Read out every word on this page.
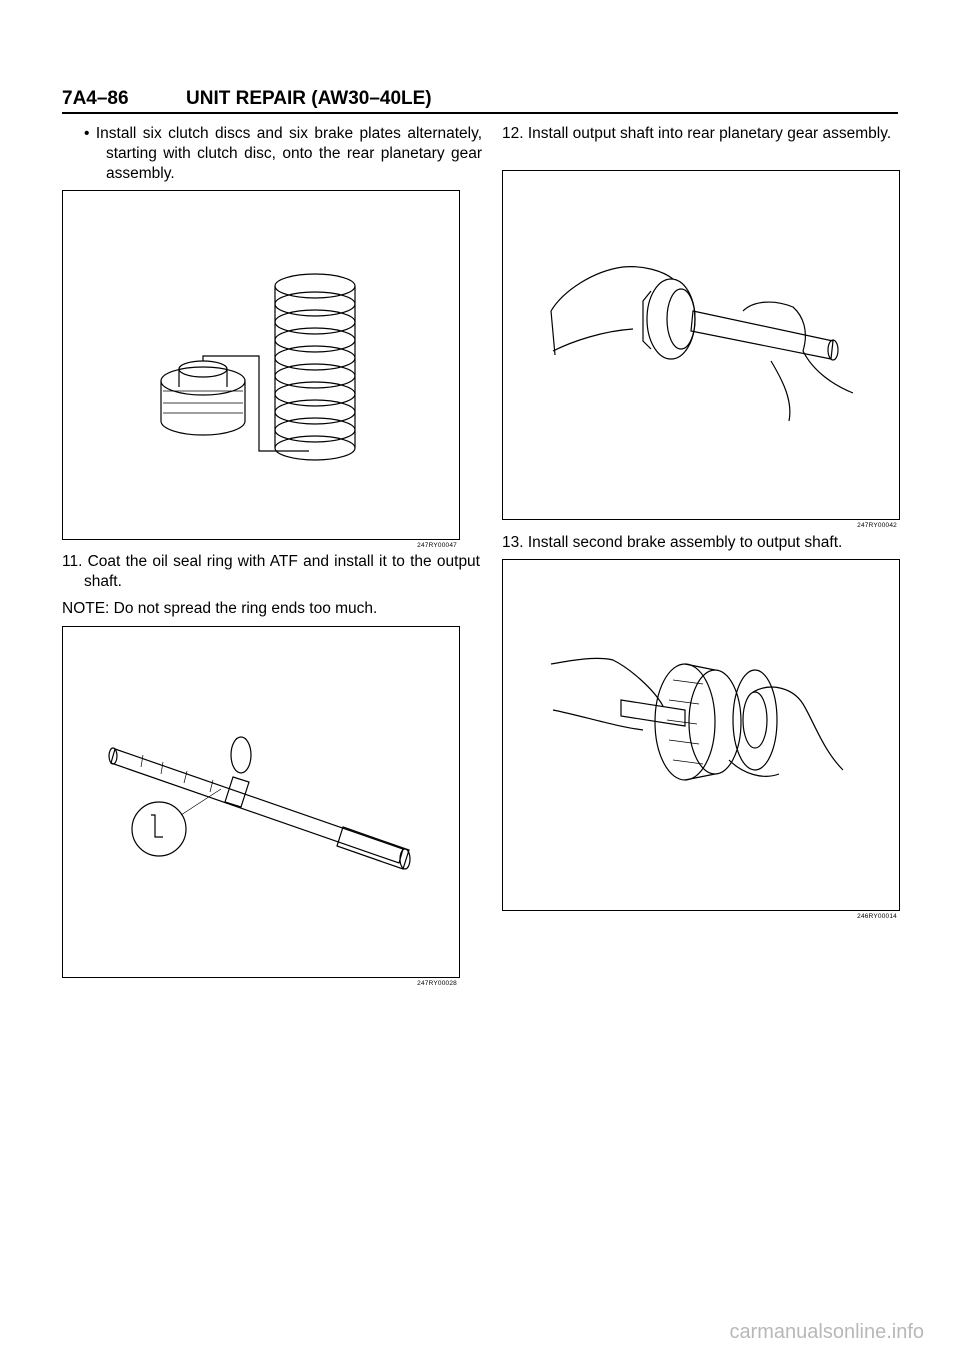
7A4–86	UNIT REPAIR (AW30–40LE)
• Install six clutch discs and six brake plates alternately, starting with clutch disc, onto the rear planetary gear assembly.
247RY00047
11. Coat the oil seal ring with ATF and install it to the output shaft.
NOTE: Do not spread the ring ends too much.
247RY00028
12. Install output shaft into rear planetary gear assembly.
247RY00042
13. Install second brake assembly to output shaft.
246RY00014
carmanualsonline.info
